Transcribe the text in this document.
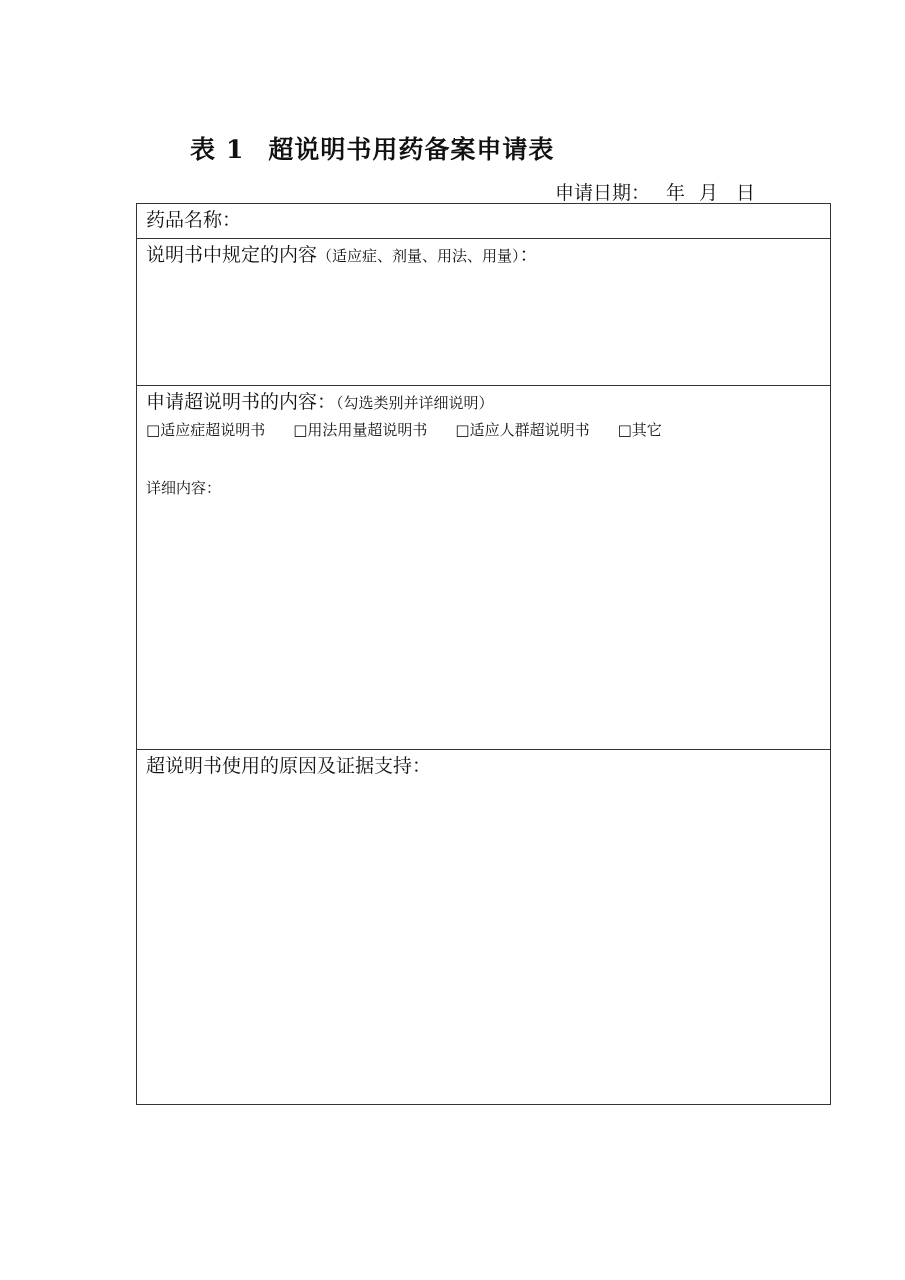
表 1 超说明书用药备案申请表
申请日期： 年 月 日
药品名称：

说明书中规定的内容（适应症、剂量、用法、用量）：

申请超说明书的内容：（勾选类别并详细说明）
□适应症超说明书 □用法用量超说明书 □适应人群超说明书 □其它
详细内容：

超说明书使用的原因及证据支持：
